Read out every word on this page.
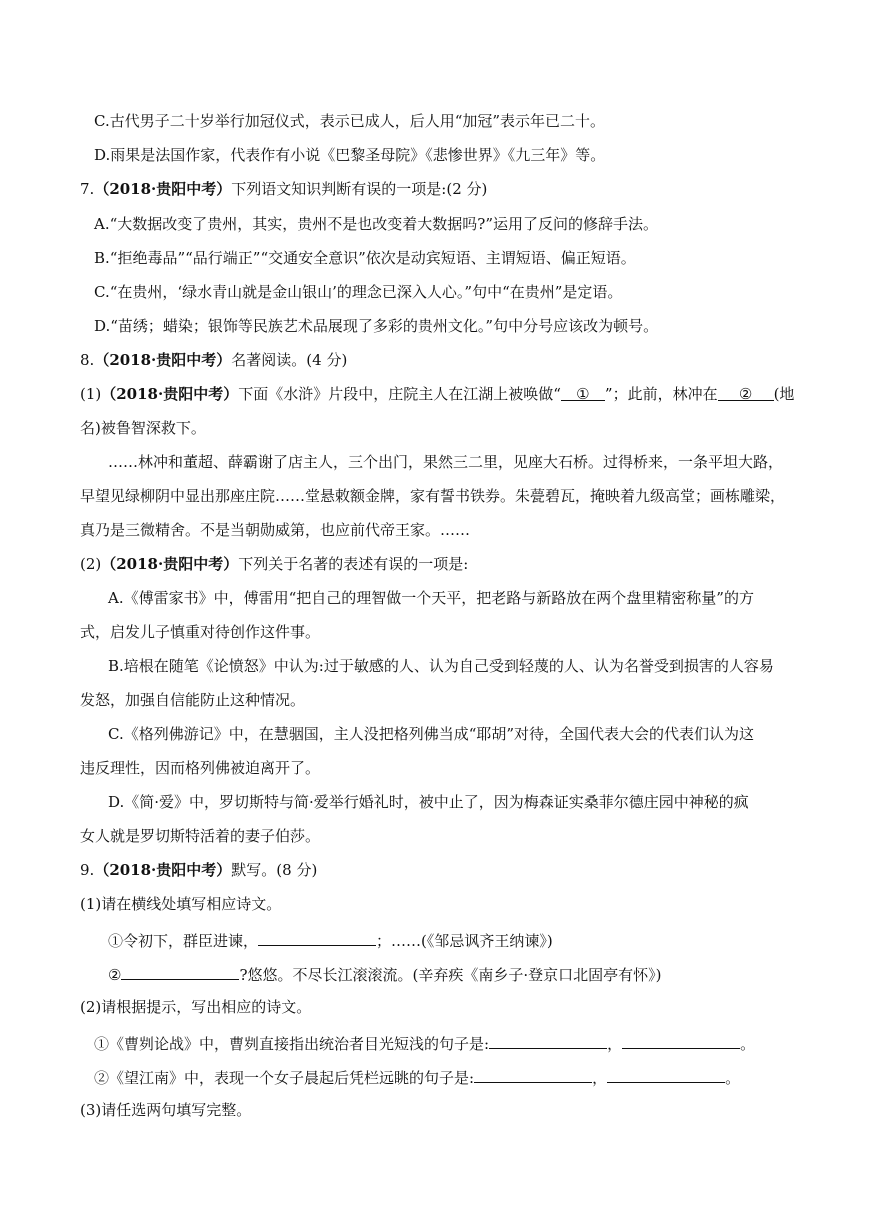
C.古代男子二十岁举行加冠仪式，表示已成人，后人用“加冠”表示年已二十。
D.雨果是法国作家，代表作有小说《巴黎圣母院》《悲惨世界》《九三年》等。
7.（2018·贵阳中考）下列语文知识判断有误的一项是:(2 分)
A.“大数据改变了贵州，其实，贵州不是也改变着大数据吗?”运用了反问的修辞手法。
B.“拒绝毒品”“品行端正”“交通安全意识”依次是动宾短语、主谓短语、偏正短语。
C.“在贵州，‘绿水青山就是金山银山’的理念已深入人心。”句中“在贵州”是定语。
D.“苗绣；蜡染；银饰等民族艺术品展现了多彩的贵州文化。”句中分号应该改为顿号。
8.（2018·贵阳中考）名著阅读。(4 分)
(1)（2018·贵阳中考）下面《水浒》片段中，庄院主人在江湖上被唤做“ ① ”；此前，林冲在 ② (地
名)被鲁智深救下。
……林冲和董超、薛霸谢了店主人，三个出门，果然三二里，见座大石桥。过得桥来，一条平坦大路，
早望见绿柳阴中显出那座庄院……堂悬敕额金牌，家有誓书铁券。朱甍碧瓦，掩映着九级高堂；画栋雕梁，
真乃是三微精舍。不是当朝勋威第，也应前代帝王家。……
(2)（2018·贵阳中考）下列关于名著的表述有误的一项是:
A.《傅雷家书》中，傅雷用“把自己的理智做一个天平，把老路与新路放在两个盘里精密称量”的方
式，启发儿子慎重对待创作这件事。
B.培根在随笔《论愤怒》中认为:过于敏感的人、认为自己受到轻蔑的人、认为名誉受到损害的人容易
发怒，加强自信能防止这种情况。
C.《格列佛游记》中，在慧骃国，主人没把格列佛当成“耶胡”对待，全国代表大会的代表们认为这
违反理性，因而格列佛被迫离开了。
D.《简·爱》中，罗切斯特与简·爱举行婚礼时，被中止了，因为梅森证实桑菲尔德庄园中神秘的疯
女人就是罗切斯特活着的妻子伯莎。
9.（2018·贵阳中考）默写。(8 分)
(1)请在横线处填写相应诗文。
①令初下，群臣进谏，	；……(《邹忌讽齐王纳谏》)
②	?悠悠。不尽长江滚滚流。(辛弃疾《南乡子·登京口北固亭有怀》)
(2)请根据提示，写出相应的诗文。
①《曹刿论战》中，曹刿直接指出统治者目光短浅的句子是:	，	。
②《望江南》中，表现一个女子晨起后凭栏远眺的句子是:	，	。
(3)请任选两句填写完整。
